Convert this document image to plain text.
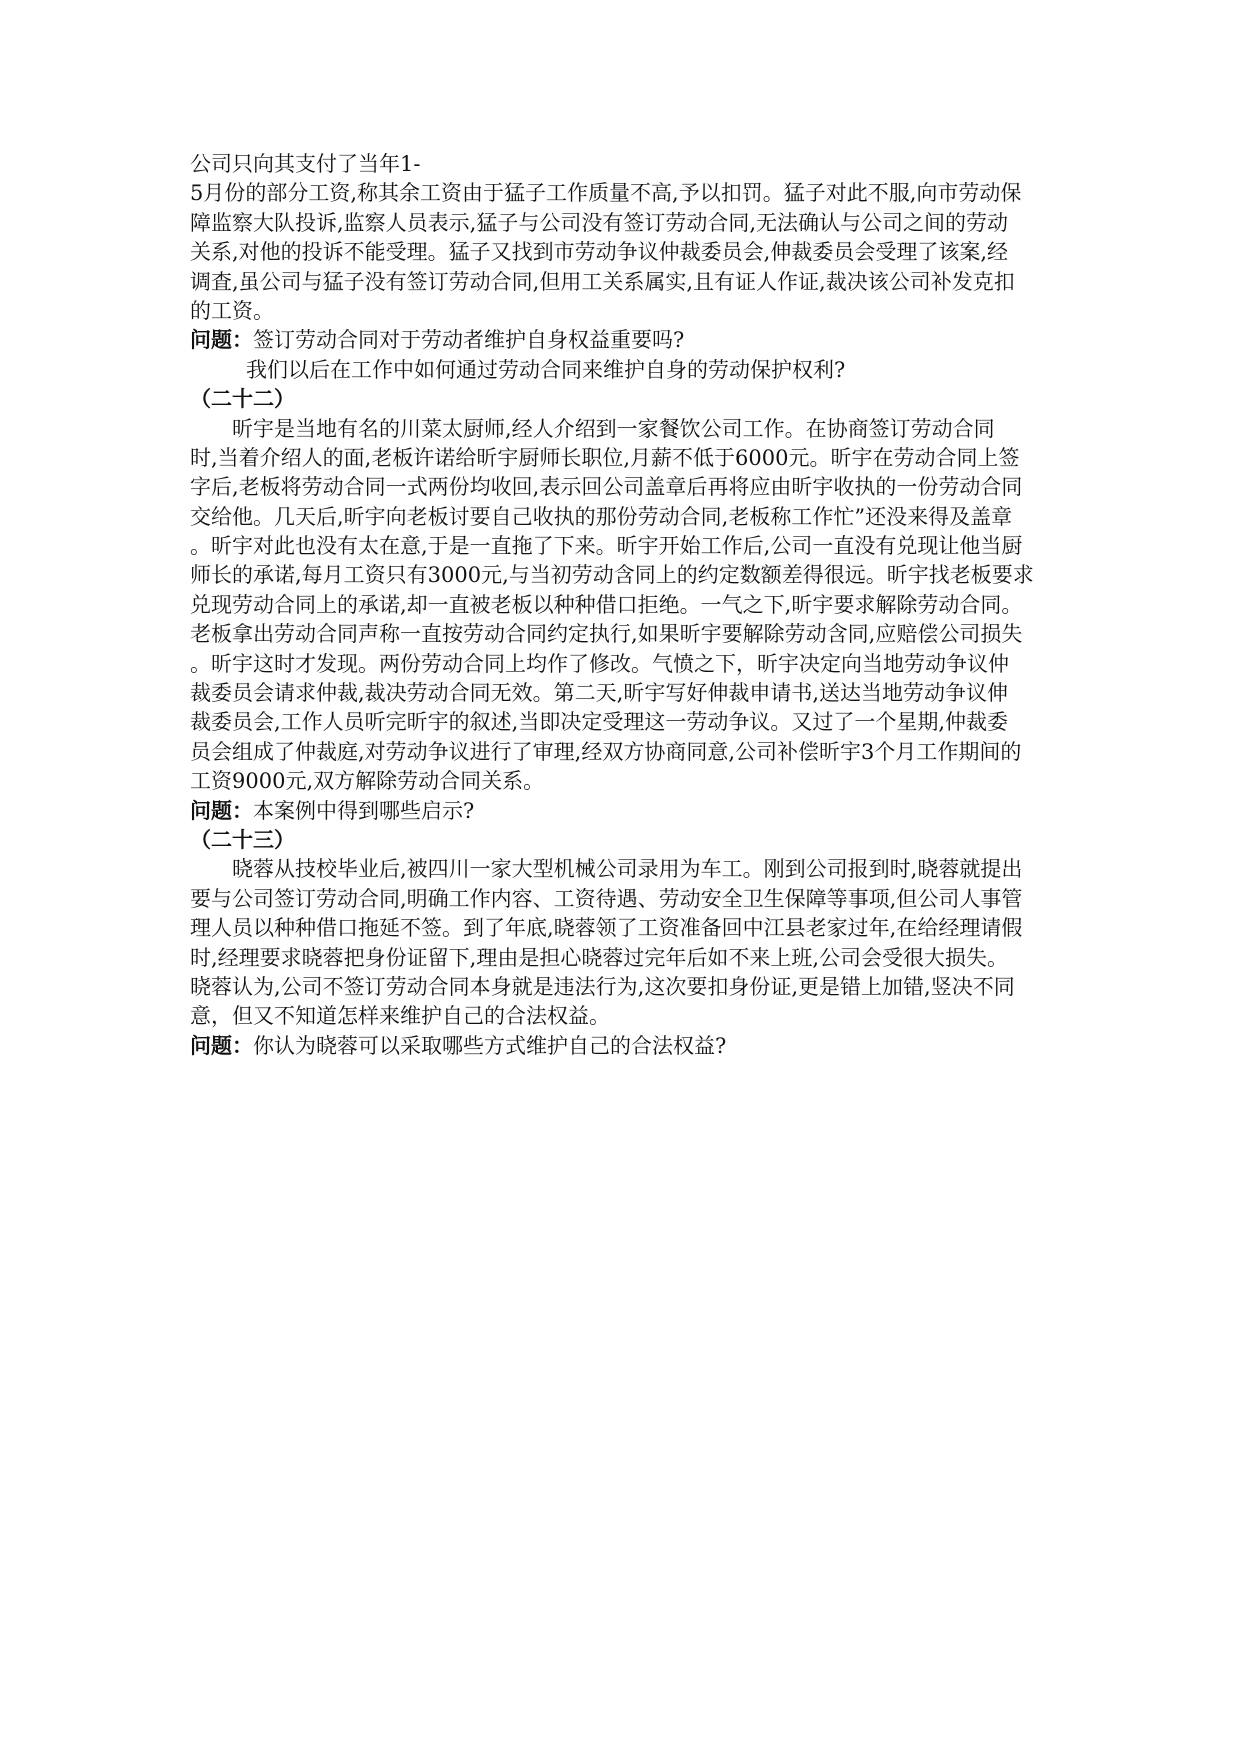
公司只向其支付了当年1-
5月份的部分工资,称其余工资由于猛子工作质量不高,予以扣罚。猛子对此不服,向市劳动保
障监察大队投诉,监察人员表示,猛子与公司没有签订劳动合同,无法确认与公司之间的劳动
关系,对他的投诉不能受理。猛子又找到市劳动争议仲裁委员会,伸裁委员会受理了该案,经
调査,虽公司与猛子没有签订劳动合同,但用工关系属实,且有证人作证,裁决该公司补发克扣
的工资。
问题：签订劳动合同对于劳动者维护自身权益重要吗?
我们以后在工作中如何通过劳动合同来维护自身的劳动保护权利?
（二十二）
昕宇是当地有名的川菜太厨师,经人介绍到一家餐饮公司工作。在协商签订劳动合同
时,当着介绍人的面,老板许诺给昕宇厨师长职位,月薪不低于6000元。昕宇在劳动合同上签
字后,老板将劳动合同一式两份均收回,表示回公司盖章后再将应由昕宇收执的一份劳动合同
交给他。几天后,昕宇向老板讨要自己收执的那份劳动合同,老板称工作忙”还没来得及盖章
。昕宇对此也没有太在意,于是一直拖了下来。昕宇开始工作后,公司一直没有兑现让他当厨
师长的承诺,每月工资只有3000元,与当初劳动含同上的约定数额差得很远。昕宇找老板要求
兑现劳动合同上的承诺,却一直被老板以种种借口拒绝。一气之下,昕宇要求解除劳动合同。
老板拿出劳动合同声称一直按劳动合同约定执行,如果昕宇要解除劳动含同,应赔偿公司损失
。昕宇这时才发现。两份劳动合同上均作了修改。气愤之下，昕宇决定向当地劳动争议仲
裁委员会请求仲裁,裁决劳动合同无效。第二天,昕宇写好伸裁申请书,送达当地劳动争议伸
裁委员会,工作人员听完昕宇的叙述,当即决定受理这一劳动争议。又过了一个星期,仲裁委
员会组成了仲裁庭,对劳动争议进行了审理,经双方协商同意,公司补偿昕宇3个月工作期间的
工资9000元,双方解除劳动合同关系。
问题：本案例中得到哪些启示?
（二十三）
晓蓉从技校毕业后,被四川一家大型机械公司录用为车工。刚到公司报到时,晓蓉就提出
要与公司签订劳动合同,明确工作内容、工资待遇、劳动安全卫生保障等事项,但公司人事管
理人员以种种借口拖延不签。到了年底,晓蓉领了工资准备回中江县老家过年,在给经理请假
时,经理要求晓蓉把身份证留下,理由是担心晓蓉过完年后如不来上班,公司会受很大损失。
晓蓉认为,公司不签订劳动合同本身就是违法行为,这次要扣身份证,更是错上加错,竖决不同
意，但又不知道怎样来维护自己的合法权益。
问题：你认为晓蓉可以采取哪些方式维护自己的合法权益?
